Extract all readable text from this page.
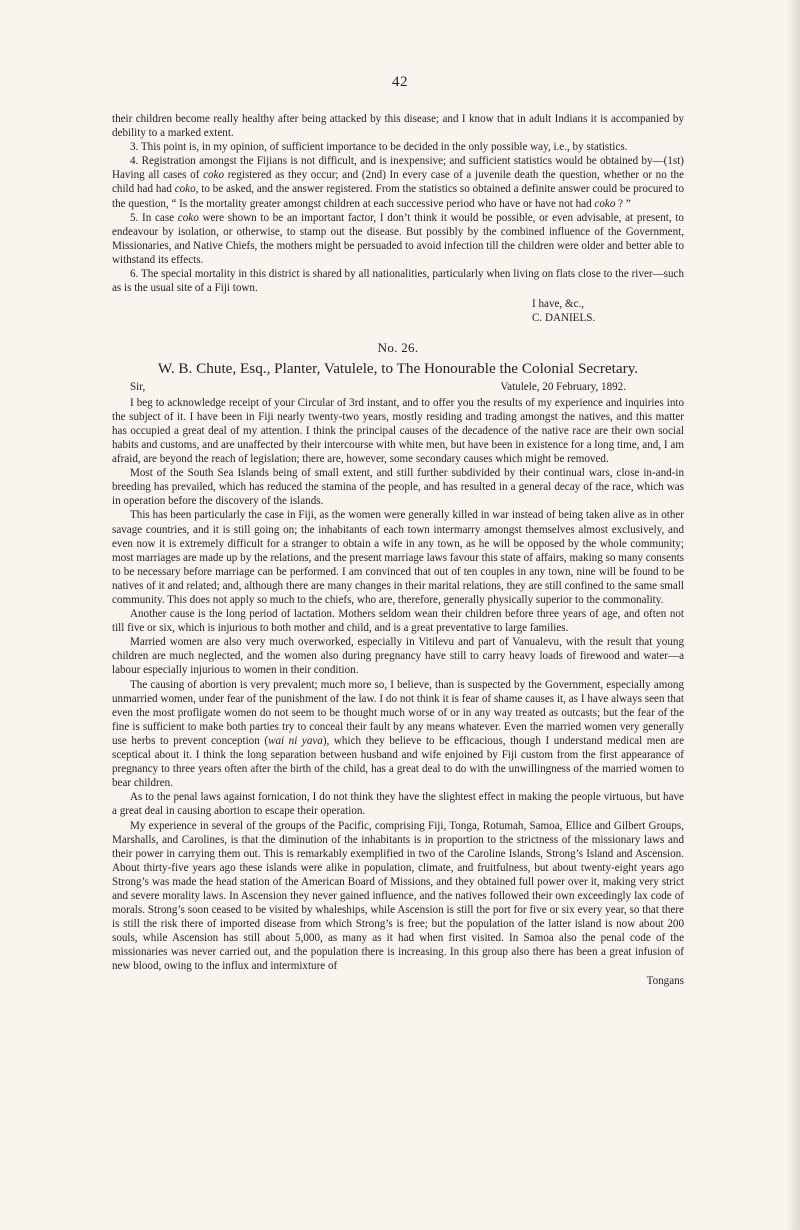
42

their children become really healthy after being attacked by this disease; and I know that in adult Indians it is accompanied by debility to a marked extent.

3. This point is, in my opinion, of sufficient importance to be decided in the only possible way, i.e., by statistics.

4. Registration amongst the Fijians is not difficult, and is inexpensive; and sufficient statistics would be obtained by—(1st) Having all cases of coko registered as they occur; and (2nd) In every case of a juvenile death the question, whether or no the child had had coko, to be asked, and the answer registered. From the statistics so obtained a definite answer could be procured to the question, “ Is the mortality greater amongst children at each successive period who have or have not had coko ? ”

5. In case coko were shown to be an important factor, I don’t think it would be possible, or even advisable, at present, to endeavour by isolation, or otherwise, to stamp out the disease. But possibly by the combined influence of the Government, Missionaries, and Native Chiefs, the mothers might be persuaded to avoid infection till the children were older and better able to withstand its effects.

6. The special mortality in this district is shared by all nationalities, particularly when living on flats close to the river—such as is the usual site of a Fiji town.

I have, &c.,
C. DANIELS.
No. 26.
W. B. Chute, Esq., Planter, Vatulele, to The Honourable the Colonial Secretary.
Sir,	Vatulele, 20 February, 1892.

I beg to acknowledge receipt of your Circular of 3rd instant, and to offer you the results of my experience and inquiries into the subject of it. I have been in Fiji nearly twenty-two years, mostly residing and trading amongst the natives, and this matter has occupied a great deal of my attention. I think the principal causes of the decadence of the native race are their own social habits and customs, and are unaffected by their intercourse with white men, but have been in existence for a long time, and, I am afraid, are beyond the reach of legislation; there are, however, some secondary causes which might be removed.

Most of the South Sea Islands being of small extent, and still further subdivided by their continual wars, close in-and-in breeding has prevailed, which has reduced the stamina of the people, and has resulted in a general decay of the race, which was in operation before the discovery of the islands.

This has been particularly the case in Fiji, as the women were generally killed in war instead of being taken alive as in other savage countries, and it is still going on; the inhabitants of each town intermarry amongst themselves almost exclusively, and even now it is extremely difficult for a stranger to obtain a wife in any town, as he will be opposed by the whole community; most marriages are made up by the relations, and the present marriage laws favour this state of affairs, making so many consents to be necessary before marriage can be performed. I am convinced that out of ten couples in any town, nine will be found to be natives of it and related; and, although there are many changes in their marital relations, they are still confined to the same small community. This does not apply so much to the chiefs, who are, therefore, generally physically superior to the commonality.

Another cause is the long period of lactation. Mothers seldom wean their children before three years of age, and often not till five or six, which is injurious to both mother and child, and is a great preventative to large families.

Married women are also very much overworked, especially in Vitilevu and part of Vanualevu, with the result that young children are much neglected, and the women also during pregnancy have still to carry heavy loads of firewood and water—a labour especially injurious to women in their condition.

The causing of abortion is very prevalent; much more so, I believe, than is suspected by the Government, especially among unmarried women, under fear of the punishment of the law. I do not think it is fear of shame causes it, as I have always seen that even the most profligate women do not seem to be thought much worse of or in any way treated as outcasts; but the fear of the fine is sufficient to make both parties try to conceal their fault by any means whatever. Even the married women very generally use herbs to prevent conception (wai ni yava), which they believe to be efficacious, though I understand medical men are sceptical about it. I think the long separation between husband and wife enjoined by Fiji custom from the first appearance of pregnancy to three years often after the birth of the child, has a great deal to do with the unwillingness of the married women to bear children.

As to the penal laws against fornication, I do not think they have the slightest effect in making the people virtuous, but have a great deal in causing abortion to escape their operation.

My experience in several of the groups of the Pacific, comprising Fiji, Tonga, Rotumah, Samoa, Ellice and Gilbert Groups, Marshalls, and Carolines, is that the diminution of the inhabitants is in proportion to the strictness of the missionary laws and their power in carrying them out. This is remarkably exemplified in two of the Caroline Islands, Strong’s Island and Ascension. About thirty-five years ago these islands were alike in population, climate, and fruitfulness, but about twenty-eight years ago Strong’s was made the head station of the American Board of Missions, and they obtained full power over it, making very strict and severe morality laws. In Ascension they never gained influence, and the natives followed their own exceedingly lax code of morals. Strong’s soon ceased to be visited by whaleships, while Ascension is still the port for five or six every year, so that there is still the risk there of imported disease from which Strong’s is free; but the population of the latter island is now about 200 souls, while Ascension has still about 5,000, as many as it had when first visited. In Samoa also the penal code of the missionaries was never carried out, and the population there is increasing. In this group also there has been a great infusion of new blood, owing to the influx and intermixture of

Tongans
